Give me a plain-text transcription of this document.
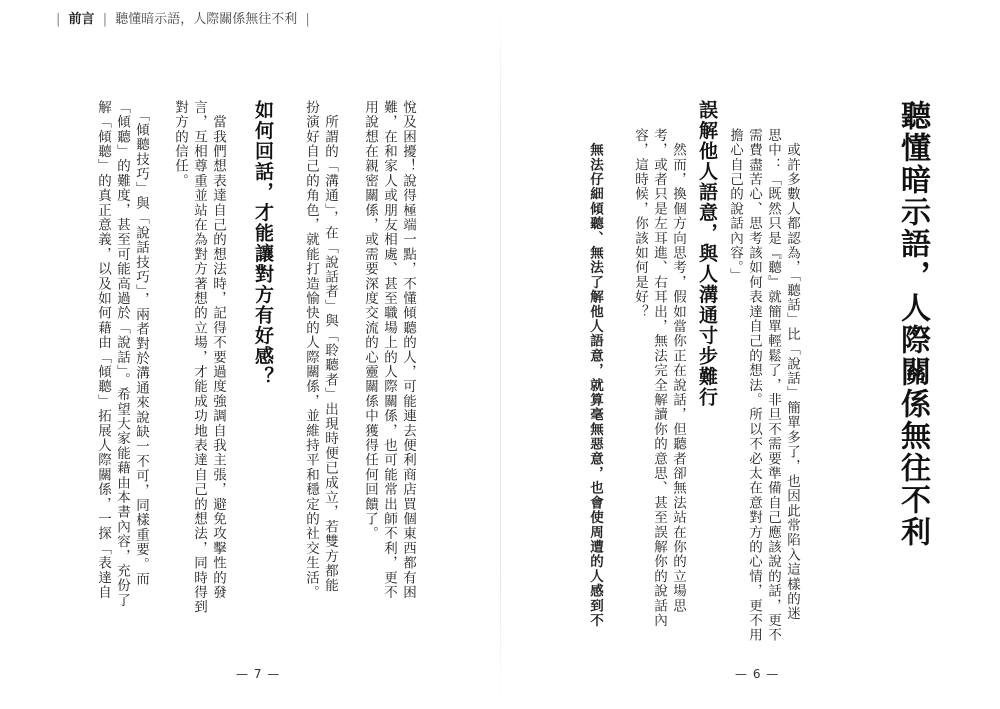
| 前言 | 聽懂暗示語，人際關係無往不利 |
聽懂暗示語，人際關係無往不利
　或許多數人都認為，「聽話」比「說話」簡單多了，也因此常陷入這樣的迷
思中：「既然只是『聽』就簡單輕鬆了，非旦不需要準備自己應該說的話，更不
需費盡苦心、思考該如何表達自己的想法。所以不必太在意對方的心情，更不用
擔心自己的說話內容。」
誤解他人語意，與人溝通寸步難行
　然而，換個方向思考，假如當你正在說話，但聽者卻無法站在你的立場思
考，或者只是左耳進、右耳出，無法完全解讀你的意思、甚至誤解你的說話內
容，這時候，你該如何是好？
　無法仔細傾聽、無法了解他人語意，就算毫無惡意，也會使周遭的人感到不
— 6 —
悅及困擾！說得極端一點，不懂傾聽的人，可能連去便利商店買個東西都有困
難，在和家人或朋友相處、甚至職場上的人際關係，也可能常出師不利，更不
用說想在親密關係，或需要深度交流的心靈關係中獲得任何回饋了。
　所謂的「溝通」，在「說話者」與「聆聽者」出現時便已成立，若雙方都能
扮演好自己的角色，就能打造愉快的人際關係，並維持平和穩定的社交生活。
如何回話，才能讓對方有好感？
　當我們想表達自己的想法時，記得不要過度強調自我主張，避免攻擊性的發
言，互相尊重並站在為對方著想的立場，才能成功地表達自己的想法，同時得到
對方的信任。
　「傾聽技巧」與「說話技巧」，兩者對於溝通來說缺一不可，同樣重要。而
「傾聽」的難度，甚至可能高過於「說話」。希望大家能藉由本書內容，充份了
解「傾聽」的真正意義，以及如何藉由「傾聽」拓展人際關係，一探「表達自
— 7 —
